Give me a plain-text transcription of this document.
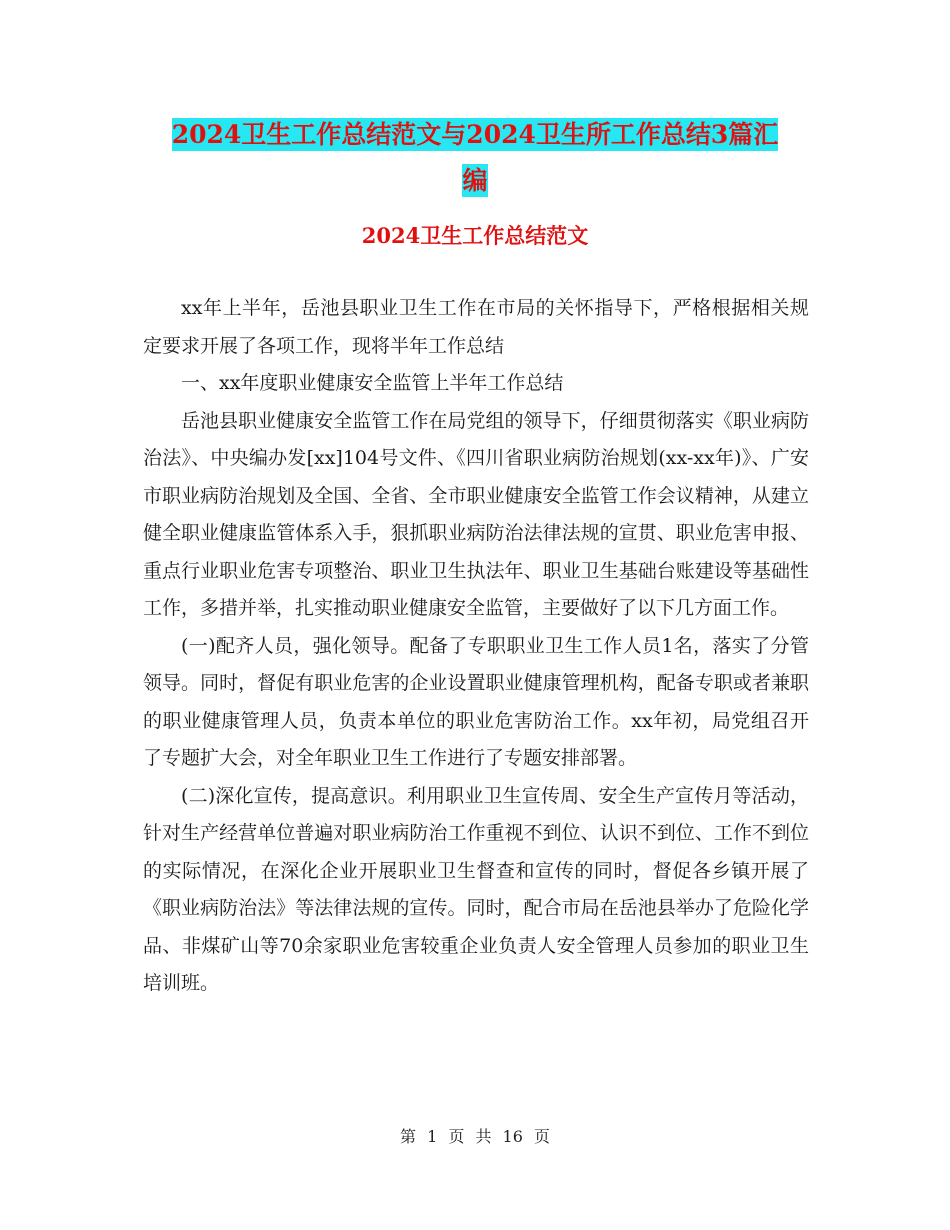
2024卫生工作总结范文与2024卫生所工作总结3篇汇
编
2024卫生工作总结范文

xx年上半年，岳池县职业卫生工作在市局的关怀指导下，严格根据相关规定要求开展了各项工作，现将半年工作总结

一、xx年度职业健康安全监管上半年工作总结

岳池县职业健康安全监管工作在局党组的领导下，仔细贯彻落实《职业病防治法》、中央编办发[xx]104号文件、《四川省职业病防治规划(xx-xx年)》、广安市职业病防治规划及全国、全省、全市职业健康安全监管工作会议精神，从建立健全职业健康监管体系入手，狠抓职业病防治法律法规的宣贯、职业危害申报、重点行业职业危害专项整治、职业卫生执法年、职业卫生基础台账建设等基础性工作，多措并举，扎实推动职业健康安全监管，主要做好了以下几方面工作。

(一)配齐人员，强化领导。配备了专职职业卫生工作人员1名，落实了分管领导。同时，督促有职业危害的企业设置职业健康管理机构，配备专职或者兼职的职业健康管理人员，负责本单位的职业危害防治工作。xx年初，局党组召开了专题扩大会，对全年职业卫生工作进行了专题安排部署。

(二)深化宣传，提高意识。利用职业卫生宣传周、安全生产宣传月等活动，针对生产经营单位普遍对职业病防治工作重视不到位、认识不到位、工作不到位的实际情况，在深化企业开展职业卫生督查和宣传的同时，督促各乡镇开展了《职业病防治法》等法律法规的宣传。同时，配合市局在岳池县举办了危险化学品、非煤矿山等70余家职业危害较重企业负责人安全管理人员参加的职业卫生培训班。

第 1 页 共 16 页
